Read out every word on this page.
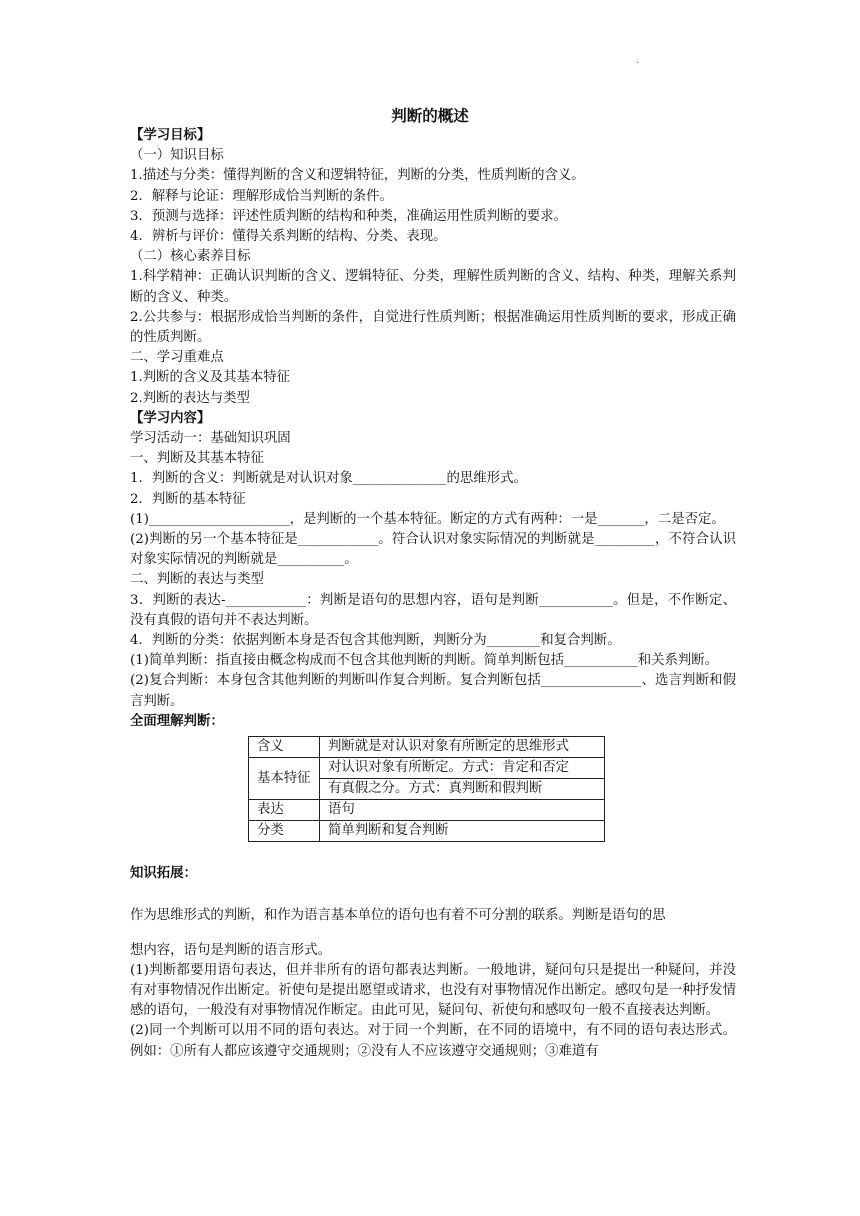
·
判断的概述

【学习目标】

（一）知识目标

1.描述与分类：懂得判断的含义和逻辑特征，判断的分类，性质判断的含义。

2．解释与论证：理解形成恰当判断的条件。

3．预测与选择：评述性质判断的结构和种类，准确运用性质判断的要求。

4．辨析与评价：懂得关系判断的结构、分类、表现。

（二）核心素养目标

1.科学精神：正确认识判断的含义、逻辑特征、分类，理解性质判断的含义、结构、种类，理解关系判断的含义、种类。

2.公共参与：根据形成恰当判断的条件，自觉进行性质判断；根据准确运用性质判断的要求，形成正确的性质判断。

二、学习重难点

1.判断的含义及其基本特征

2.判断的表达与类型

【学习内容】

学习活动一：基础知识巩固

一、判断及其基本特征

1．判断的含义：判断就是对认识对象______________的思维形式。

2．判断的基本特征

(1)_____________________，是判断的一个基本特征。断定的方式有两种：一是_______，二是否定。

(2)判断的另一个基本特征是____________。符合认识对象实际情况的判断就是_________，不符合认识对象实际情况的判断就是__________。

二、判断的表达与类型

3．判断的表达-____________：判断是语句的思想内容，语句是判断___________。但是，不作断定、没有真假的语句并不表达判断。

4．判断的分类：依据判断本身是否包含其他判断，判断分为________和复合判断。

(1)简单判断：指直接由概念构成而不包含其他判断的判断。简单判断包括___________和关系判断。

(2)复合判断：本身包含其他判断的判断叫作复合判断。复合判断包括_______________、选言判断和假言判断。

全面理解判断：

含义	判断就是对认识对象有所断定的思维形式
基本特征	对认识对象有所断定。方式：肯定和否定
	有真假之分。方式：真判断和假判断
表达	语句
分类	简单判断和复合判断

知识拓展：

作为思维形式的判断，和作为语言基本单位的语句也有着不可分割的联系。判断是语句的思

想内容，语句是判断的语言形式。

(1)判断都要用语句表达，但并非所有的语句都表达判断。一般地讲，疑问句只是提出一种疑问，并没有对事物情况作出断定。祈使句是提出愿望或请求，也没有对事物情况作出断定。感叹句是一种抒发情感的语句，一般没有对事物情况作断定。由此可见，疑问句、祈使句和感叹句一般不直接表达判断。

(2)同一个判断可以用不同的语句表达。对于同一个判断，在不同的语境中，有不同的语句表达形式。例如：①所有人都应该遵守交通规则；②没有人不应该遵守交通规则；③难道有
